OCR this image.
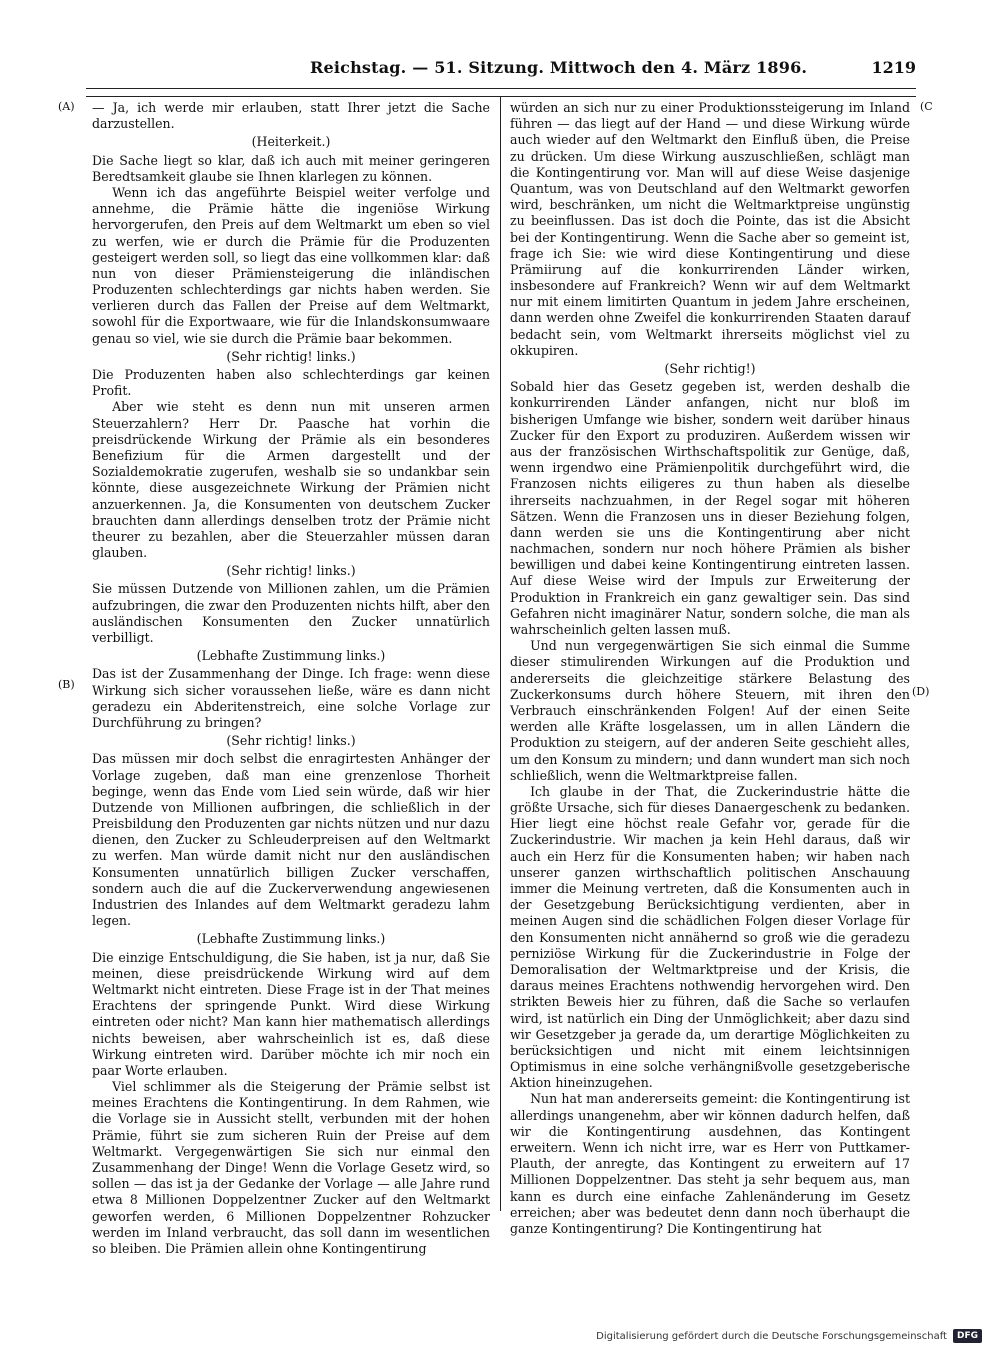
Reichstag. — 51. Sitzung. Mittwoch den 4. März 1896.	1219
(A)
(B)
(C
(D)

— Ja, ich werde mir erlauben, statt Ihrer jetzt die Sache darzustellen.

(Heiterkeit.)

Die Sache liegt so klar, daß ich auch mit meiner geringeren Beredtsamkeit glaube sie Ihnen klarlegen zu können.

Wenn ich das angeführte Beispiel weiter verfolge und annehme, die Prämie hätte die ingeniöse Wirkung hervorgerufen, den Preis auf dem Weltmarkt um eben so viel zu werfen, wie er durch die Prämie für die Produzenten gesteigert werden soll, so liegt das eine vollkommen klar: daß nun von dieser Prämiensteigerung die inländischen Produzenten schlechterdings gar nichts haben werden. Sie verlieren durch das Fallen der Preise auf dem Weltmarkt, sowohl für die Exportwaare, wie für die Inlandskonsumwaare genau so viel, wie sie durch die Prämie baar bekommen.

(Sehr richtig! links.)

Die Produzenten haben also schlechterdings gar keinen Profit.

Aber wie steht es denn nun mit unseren armen Steuerzahlern? Herr Dr. Paasche hat vorhin die preisdrückende Wirkung der Prämie als ein besonderes Benefizium für die Armen dargestellt und der Sozialdemokratie zugerufen, weshalb sie so undankbar sein könnte, diese ausgezeichnete Wirkung der Prämien nicht anzuerkennen. Ja, die Konsumenten von deutschem Zucker brauchten dann allerdings denselben trotz der Prämie nicht theurer zu bezahlen, aber die Steuerzahler müssen daran glauben.

(Sehr richtig! links.)

Sie müssen Dutzende von Millionen zahlen, um die Prämien aufzubringen, die zwar den Produzenten nichts hilft, aber den ausländischen Konsumenten den Zucker unnatürlich verbilligt.

(Lebhafte Zustimmung links.)

Das ist der Zusammenhang der Dinge. Ich frage: wenn diese Wirkung sich sicher voraussehen ließe, wäre es dann nicht geradezu ein Abderitenstreich, eine solche Vorlage zur Durchführung zu bringen?

(Sehr richtig! links.)

Das müssen mir doch selbst die enragirtesten Anhänger der Vorlage zugeben, daß man eine grenzenlose Thorheit beginge, wenn das Ende vom Lied sein würde, daß wir hier Dutzende von Millionen aufbringen, die schließlich in der Preisbildung den Produzenten gar nichts nützen und nur dazu dienen, den Zucker zu Schleuderpreisen auf den Weltmarkt zu werfen. Man würde damit nicht nur den ausländischen Konsumenten unnatürlich billigen Zucker verschaffen, sondern auch die auf die Zuckerverwendung angewiesenen Industrien des Inlandes auf dem Weltmarkt geradezu lahm legen.

(Lebhafte Zustimmung links.)

Die einzige Entschuldigung, die Sie haben, ist ja nur, daß Sie meinen, diese preisdrückende Wirkung wird auf dem Weltmarkt nicht eintreten. Diese Frage ist in der That meines Erachtens der springende Punkt. Wird diese Wirkung eintreten oder nicht? Man kann hier mathematisch allerdings nichts beweisen, aber wahrscheinlich ist es, daß diese Wirkung eintreten wird. Darüber möchte ich mir noch ein paar Worte erlauben.

Viel schlimmer als die Steigerung der Prämie selbst ist meines Erachtens die Kontingentirung. In dem Rahmen, wie die Vorlage sie in Aussicht stellt, verbunden mit der hohen Prämie, führt sie zum sicheren Ruin der Preise auf dem Weltmarkt. Vergegenwärtigen Sie sich nur einmal den Zusammenhang der Dinge! Wenn die Vorlage Gesetz wird, so sollen — das ist ja der Gedanke der Vorlage — alle Jahre rund etwa 8 Millionen Doppelzentner Zucker auf den Weltmarkt geworfen werden, 6 Millionen Doppelzentner Rohzucker werden im Inland verbraucht, das soll dann im wesentlichen so bleiben. Die Prämien allein ohne Kontingentirung

würden an sich nur zu einer Produktionssteigerung im Inland führen — das liegt auf der Hand — und diese Wirkung würde auch wieder auf den Weltmarkt den Einfluß üben, die Preise zu drücken. Um diese Wirkung auszuschließen, schlägt man die Kontingentirung vor. Man will auf diese Weise dasjenige Quantum, was von Deutschland auf den Weltmarkt geworfen wird, beschränken, um nicht die Weltmarktpreise ungünstig zu beeinflussen. Das ist doch die Pointe, das ist die Absicht bei der Kontingentirung. Wenn die Sache aber so gemeint ist, frage ich Sie: wie wird diese Kontingentirung und diese Prämiirung auf die konkurrirenden Länder wirken, insbesondere auf Frankreich? Wenn wir auf dem Weltmarkt nur mit einem limitirten Quantum in jedem Jahre erscheinen, dann werden ohne Zweifel die konkurrirenden Staaten darauf bedacht sein, vom Weltmarkt ihrerseits möglichst viel zu okkupiren.

(Sehr richtig!)

Sobald hier das Gesetz gegeben ist, werden deshalb die konkurrirenden Länder anfangen, nicht nur bloß im bisherigen Umfange wie bisher, sondern weit darüber hinaus Zucker für den Export zu produziren. Außerdem wissen wir aus der französischen Wirthschaftspolitik zur Genüge, daß, wenn irgendwo eine Prämienpolitik durchgeführt wird, die Franzosen nichts eiligeres zu thun haben als dieselbe ihrerseits nachzuahmen, in der Regel sogar mit höheren Sätzen. Wenn die Franzosen uns in dieser Beziehung folgen, dann werden sie uns die Kontingentirung aber nicht nachmachen, sondern nur noch höhere Prämien als bisher bewilligen und dabei keine Kontingentirung eintreten lassen. Auf diese Weise wird der Impuls zur Erweiterung der Produktion in Frankreich ein ganz gewaltiger sein. Das sind Gefahren nicht imaginärer Natur, sondern solche, die man als wahrscheinlich gelten lassen muß.

Und nun vergegenwärtigen Sie sich einmal die Summe dieser stimulirenden Wirkungen auf die Produktion und andererseits die gleichzeitige stärkere Belastung des Zuckerkonsums durch höhere Steuern, mit ihren den Verbrauch einschränkenden Folgen! Auf der einen Seite werden alle Kräfte losgelassen, um in allen Ländern die Produktion zu steigern, auf der anderen Seite geschieht alles, um den Konsum zu mindern; und dann wundert man sich noch schließlich, wenn die Weltmarktpreise fallen.

Ich glaube in der That, die Zuckerindustrie hätte die größte Ursache, sich für dieses Danaergeschenk zu bedanken. Hier liegt eine höchst reale Gefahr vor, gerade für die Zuckerindustrie. Wir machen ja kein Hehl daraus, daß wir auch ein Herz für die Konsumenten haben; wir haben nach unserer ganzen wirthschaftlich politischen Anschauung immer die Meinung vertreten, daß die Konsumenten auch in der Gesetzgebung Berücksichtigung verdienten, aber in meinen Augen sind die schädlichen Folgen dieser Vorlage für den Konsumenten nicht annähernd so groß wie die geradezu perniziöse Wirkung für die Zuckerindustrie in Folge der Demoralisation der Weltmarktpreise und der Krisis, die daraus meines Erachtens nothwendig hervorgehen wird. Den strikten Beweis hier zu führen, daß die Sache so verlaufen wird, ist natürlich ein Ding der Unmöglichkeit; aber dazu sind wir Gesetzgeber ja gerade da, um derartige Möglichkeiten zu berücksichtigen und nicht mit einem leichtsinnigen Optimismus in eine solche verhängnißvolle gesetzgeberische Aktion hineinzugehen.

Nun hat man andererseits gemeint: die Kontingentirung ist allerdings unangenehm, aber wir können dadurch helfen, daß wir die Kontingentirung ausdehnen, das Kontingent erweitern. Wenn ich nicht irre, war es Herr von Puttkamer-Plauth, der anregte, das Kontingent zu erweitern auf 17 Millionen Doppelzentner. Das steht ja sehr bequem aus, man kann es durch eine einfache Zahlenänderung im Gesetz erreichen; aber was bedeutet denn dann noch überhaupt die ganze Kontingentirung? Die Kontingentirung hat

Digitalisierung gefördert durch die Deutsche Forschungsgemeinschaft	DFG
